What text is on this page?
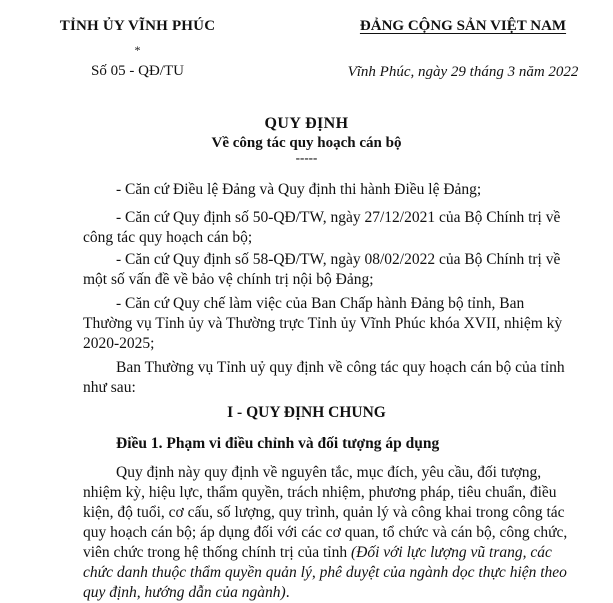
TỈNH ỦY VĨNH PHÚC
*
Số 05 - QĐ/TU
ĐẢNG CỘNG SẢN VIỆT NAM
Vĩnh Phúc, ngày 29 tháng 3 năm 2022
QUY ĐỊNH
Về công tác quy hoạch cán bộ
-----
- Căn cứ Điều lệ Đảng và Quy định thi hành Điều lệ Đảng;
- Căn cứ Quy định số 50-QĐ/TW, ngày 27/12/2021 của Bộ Chính trị về
công tác quy hoạch cán bộ;
- Căn cứ Quy định số 58-QĐ/TW, ngày 08/02/2022 của Bộ Chính trị về
một số vấn đề về bảo vệ chính trị nội bộ Đảng;
- Căn cứ Quy chế làm việc của Ban Chấp hành Đảng bộ tỉnh, Ban
Thường vụ Tỉnh ủy và Thường trực Tỉnh ủy Vĩnh Phúc khóa XVII, nhiệm kỳ
2020-2025;
Ban Thường vụ Tỉnh uỷ quy định về công tác quy hoạch cán bộ của tỉnh
như sau:
I - QUY ĐỊNH CHUNG
Điều 1. Phạm vi điều chỉnh và đối tượng áp dụng
Quy định này quy định về nguyên tắc, mục đích, yêu cầu, đối tượng,
nhiệm kỳ, hiệu lực, thẩm quyền, trách nhiệm, phương pháp, tiêu chuẩn, điều
kiện, độ tuổi, cơ cấu, số lượng, quy trình, quản lý và công khai trong công tác
quy hoạch cán bộ; áp dụng đối với các cơ quan, tổ chức và cán bộ, công chức,
viên chức trong hệ thống chính trị của tỉnh (Đối với lực lượng vũ trang, các
chức danh thuộc thẩm quyền quản lý, phê duyệt của ngành dọc thực hiện theo
quy định, hướng dẫn của ngành).
